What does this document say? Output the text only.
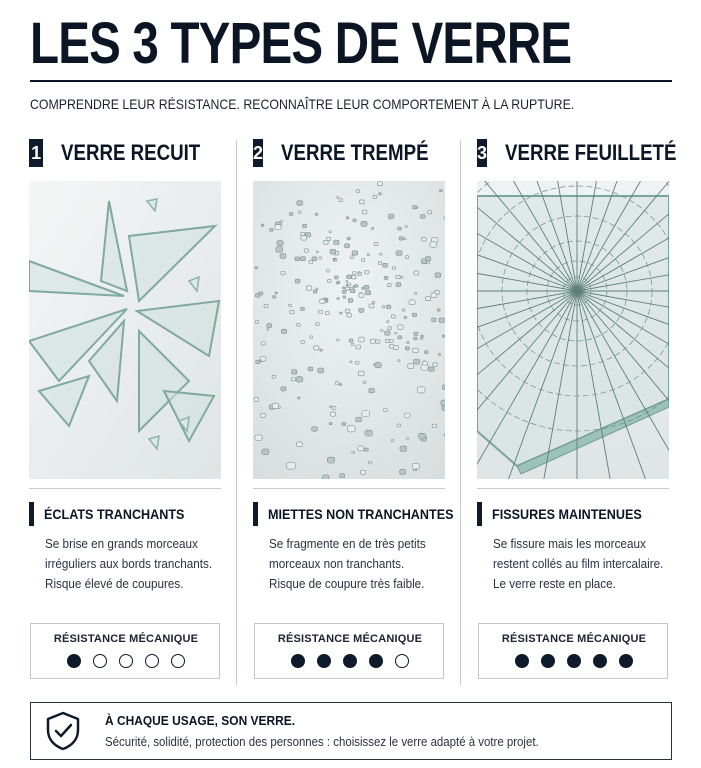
LES 3 TYPES DE VERRE
COMPRENDRE LEUR RÉSISTANCE. RECONNAÎTRE LEUR COMPORTEMENT À LA RUPTURE.
1 VERRE RECUIT
ÉCLATS TRANCHANTS
Se brise en grands morceaux
irréguliers aux bords tranchants.
Risque élevé de coupures.
RÉSISTANCE MÉCANIQUE
2 VERRE TREMPÉ
MIETTES NON TRANCHANTES
Se fragmente en de très petits
morceaux non tranchants.
Risque de coupure très faible.
RÉSISTANCE MÉCANIQUE
3 VERRE FEUILLETÉ
FISSURES MAINTENUES
Se fissure mais les morceaux
restent collés au film intercalaire.
Le verre reste en place.
RÉSISTANCE MÉCANIQUE
À CHAQUE USAGE, SON VERRE.
Sécurité, solidité, protection des personnes : choisissez le verre adapté à votre projet.
